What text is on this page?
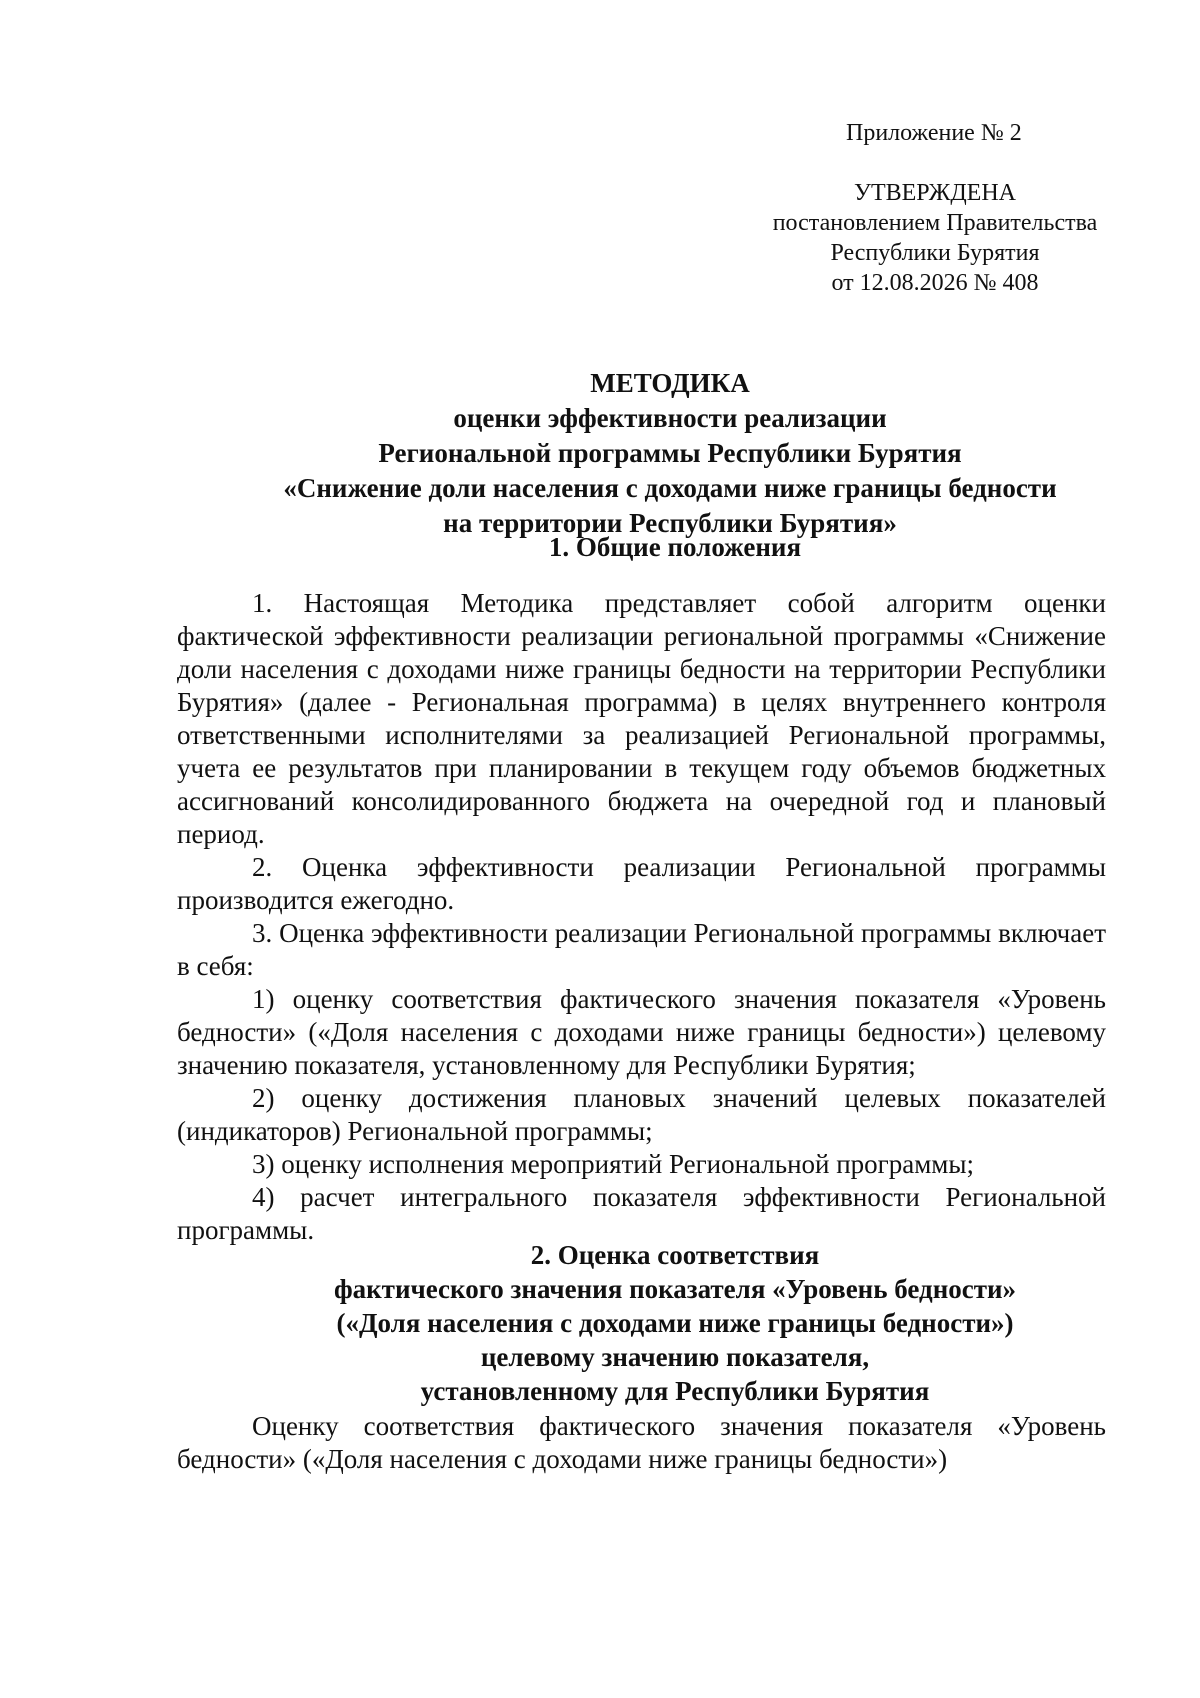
Приложение № 2
УТВЕРЖДЕНА
постановлением Правительства
Республики Бурятия
от 12.08.2026 № 408
МЕТОДИКА
оценки эффективности реализации
Региональной программы Республики Бурятия
«Снижение доли населения с доходами ниже границы бедности
на территории Республики Бурятия»
1. Общие положения

1. Настоящая Методика представляет собой алгоритм оценки фактической эффективности реализации региональной программы «Снижение доли населения с доходами ниже границы бедности на территории Республики Бурятия» (далее - Региональная программа) в целях внутреннего контроля ответственными исполнителями за реализацией Региональной программы, учета ее результатов при планировании в текущем году объемов бюджетных ассигнований консолидированного бюджета на очередной год и плановый период.

2. Оценка эффективности реализации Региональной программы производится ежегодно.

3. Оценка эффективности реализации Региональной программы включает в себя:

1) оценку соответствия фактического значения показателя «Уровень бедности» («Доля населения с доходами ниже границы бедности») целевому значению показателя, установленному для Республики Бурятия;

2) оценку достижения плановых значений целевых показателей (индикаторов) Региональной программы;

3) оценку исполнения мероприятий Региональной программы;

4) расчет интегрального показателя эффективности Региональной программы.

2. Оценка соответствия
фактического значения показателя «Уровень бедности»
(«Доля населения с доходами ниже границы бедности»)
целевому значению показателя,
установленному для Республики Бурятия

Оценку соответствия фактического значения показателя «Уровень бедности» («Доля населения с доходами ниже границы бедности»)
